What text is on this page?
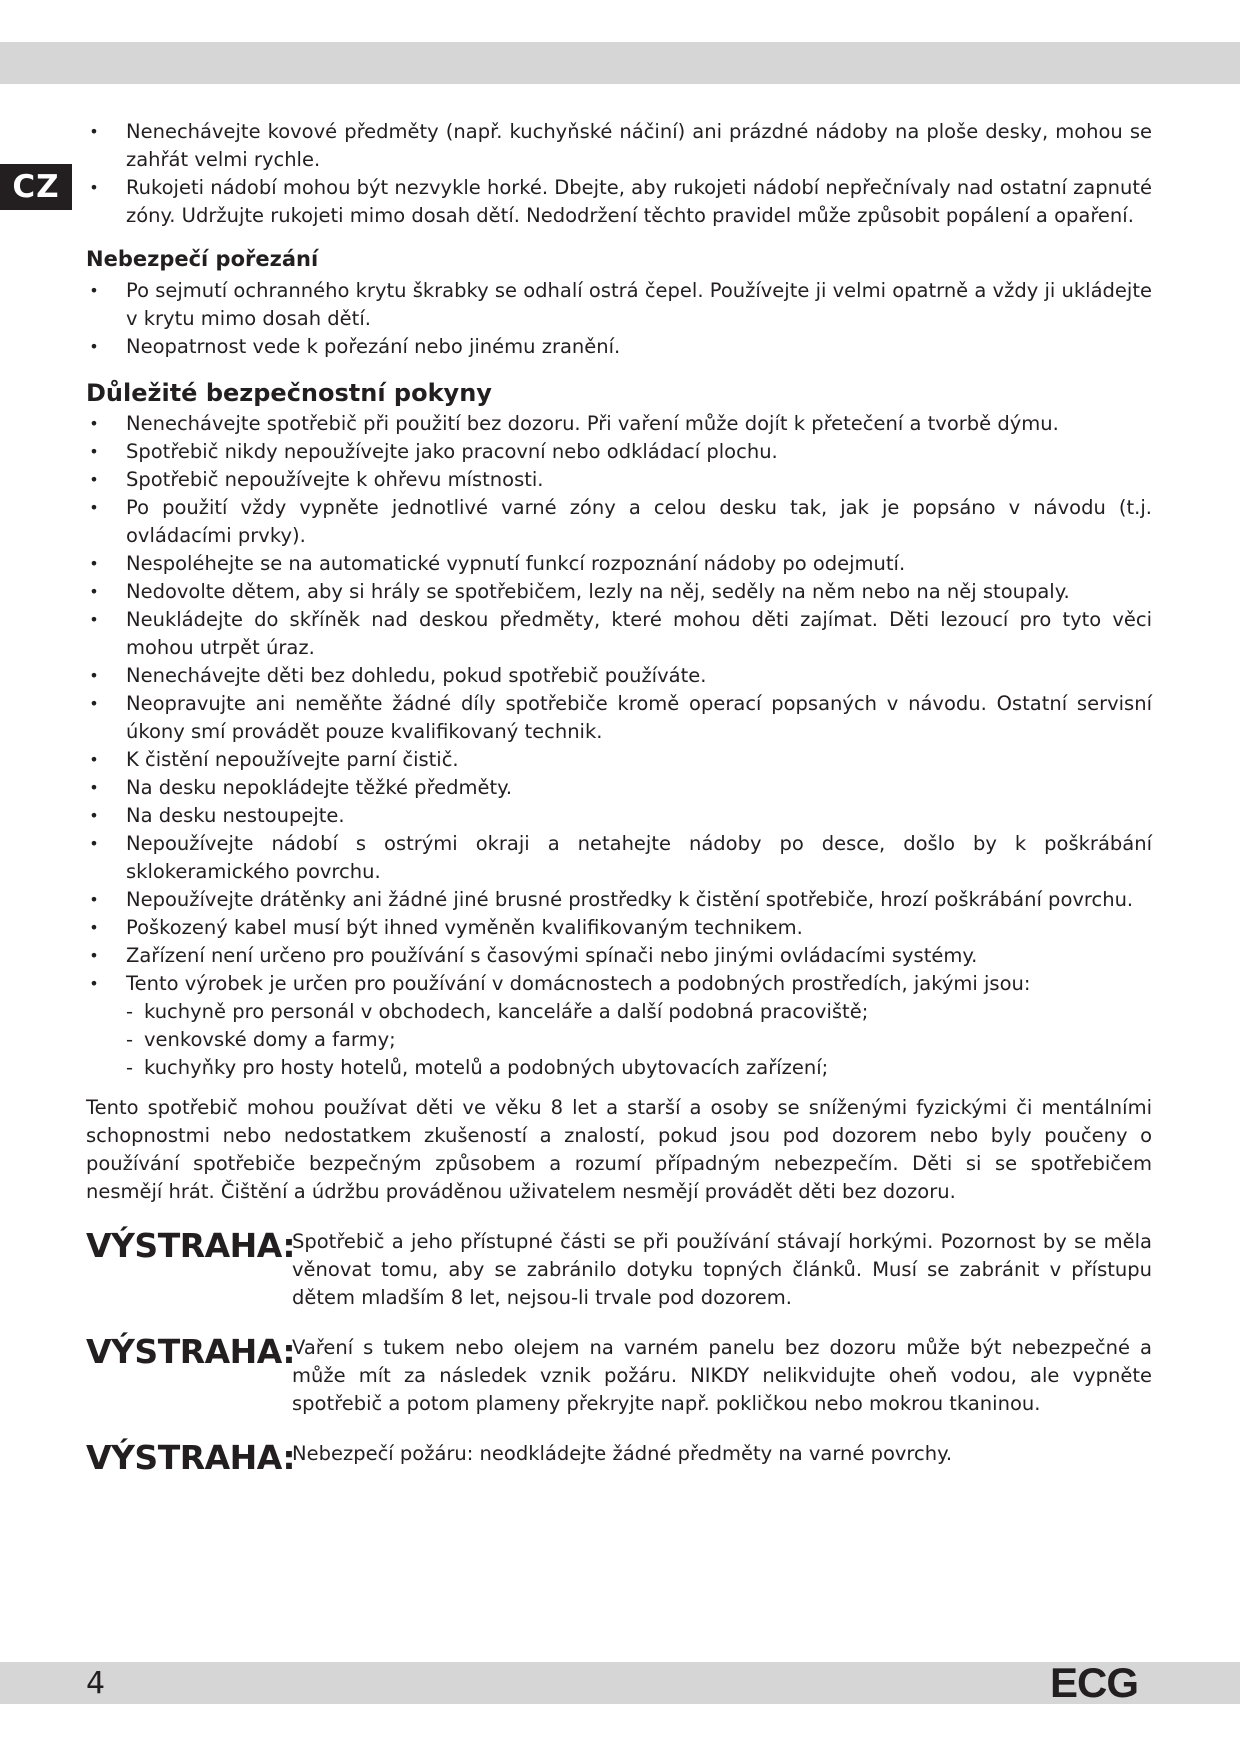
CZ
• Nenechávejte kovové předměty (např. kuchyňské náčiní) ani prázdné nádoby na ploše desky, mohou se zahřát velmi rychle.
• Rukojeti nádobí mohou být nezvykle horké. Dbejte, aby rukojeti nádobí nepřečnívaly nad ostatní zapnuté zóny. Udržujte rukojeti mimo dosah dětí. Nedodržení těchto pravidel může způsobit popálení a opaření.
Nebezpečí pořezání
• Po sejmutí ochranného krytu škrabky se odhalí ostrá čepel. Používejte ji velmi opatrně a vždy ji ukládejte v krytu mimo dosah dětí.
• Neopatrnost vede k pořezání nebo jinému zranění.
Důležité bezpečnostní pokyny
• Nenechávejte spotřebič při použití bez dozoru. Při vaření může dojít k přetečení a tvorbě dýmu.
• Spotřebič nikdy nepoužívejte jako pracovní nebo odkládací plochu.
• Spotřebič nepoužívejte k ohřevu místnosti.
• Po použití vždy vypněte jednotlivé varné zóny a celou desku tak, jak je popsáno v návodu (t.j. ovládacími prvky).
• Nespoléhejte se na automatické vypnutí funkcí rozpoznání nádoby po odejmutí.
• Nedovolte dětem, aby si hrály se spotřebičem, lezly na něj, seděly na něm nebo na něj stoupaly.
• Neukládejte do skříněk nad deskou předměty, které mohou děti zajímat. Děti lezoucí pro tyto věci mohou utrpět úraz.
• Nenechávejte děti bez dohledu, pokud spotřebič používáte.
• Neopravujte ani neměňte žádné díly spotřebiče kromě operací popsaných v návodu. Ostatní servisní úkony smí provádět pouze kvalifikovaný technik.
• K čistění nepoužívejte parní čistič.
• Na desku nepokládejte těžké předměty.
• Na desku nestoupejte.
• Nepoužívejte nádobí s ostrými okraji a netahejte nádoby po desce, došlo by k poškrábání sklokeramického povrchu.
• Nepoužívejte drátěnky ani žádné jiné brusné prostředky k čistění spotřebiče, hrozí poškrábání povrchu.
• Poškozený kabel musí být ihned vyměněn kvalifikovaným technikem.
• Zařízení není určeno pro používání s časovými spínači nebo jinými ovládacími systémy.
• Tento výrobek je určen pro používání v domácnostech a podobných prostředích, jakými jsou:
- kuchyně pro personál v obchodech, kanceláře a další podobná pracoviště;
- venkovské domy a farmy;
- kuchyňky pro hosty hotelů, motelů a podobných ubytovacích zařízení;

Tento spotřebič mohou používat děti ve věku 8 let a starší a osoby se sníženými fyzickými či mentálními schopnostmi nebo nedostatkem zkušeností a znalostí, pokud jsou pod dozorem nebo byly poučeny o používání spotřebiče bezpečným způsobem a rozumí případným nebezpečím. Děti si se spotřebičem nesmějí hrát. Čištění a údržbu prováděnou uživatelem nesmějí provádět děti bez dozoru.

VÝSTRAHA:
Spotřebič a jeho přístupné části se při používání stávají horkými. Pozornost by se měla věnovat tomu, aby se zabránilo dotyku topných článků. Musí se zabránit v přístupu dětem mladším 8 let, nejsou-li trvale pod dozorem.
VÝSTRAHA:
Vaření s tukem nebo olejem na varném panelu bez dozoru může být nebezpečné a může mít za následek vznik požáru. NIKDY nelikvidujte oheň vodou, ale vypněte spotřebič a potom plameny překryjte např. pokličkou nebo mokrou tkaninou.
VÝSTRAHA:
Nebezpečí požáru: neodkládejte žádné předměty na varné povrchy.
4	ECG
